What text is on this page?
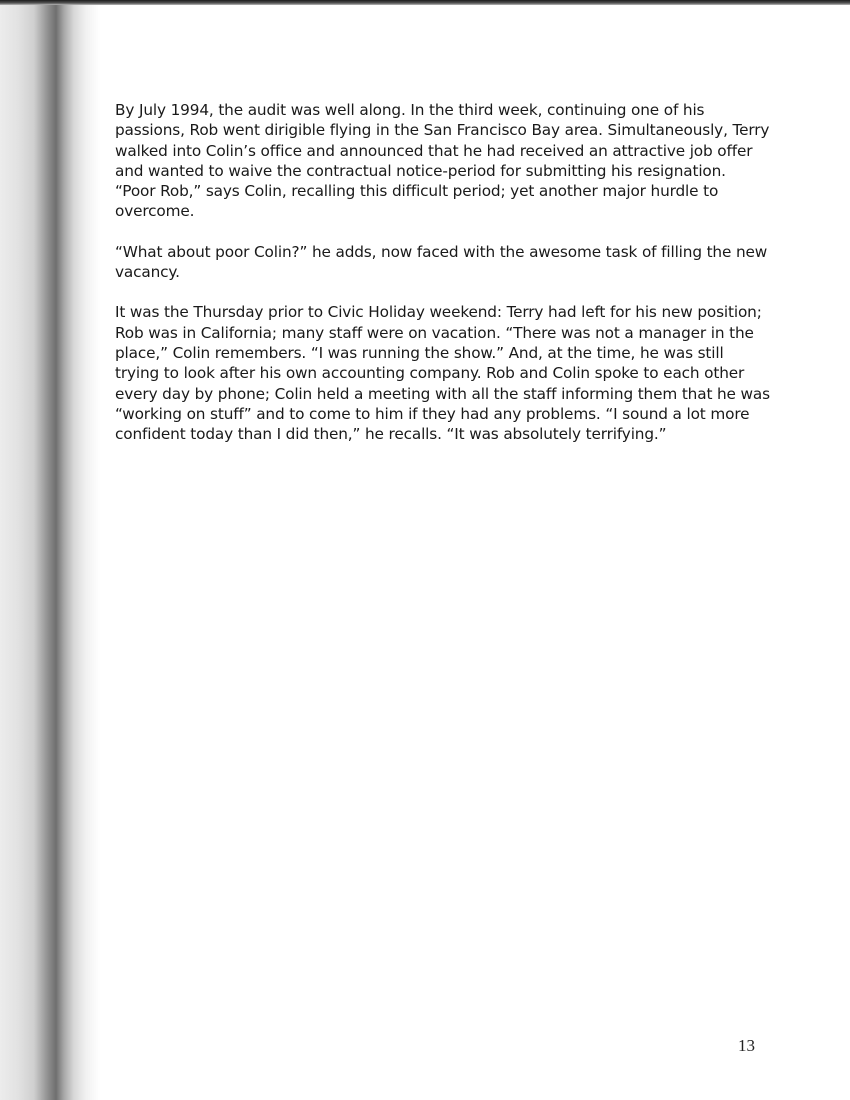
By July 1994, the audit was well along. In the third week, continuing one of his passions, Rob went dirigible flying in the San Francisco Bay area. Simultaneously, Terry walked into Colin’s office and announced that he had received an attractive job offer and wanted to waive the contractual notice-period for submitting his resignation. “Poor Rob,” says Colin, recalling this difficult period; yet another major hurdle to overcome.

“What about poor Colin?” he adds, now faced with the awesome task of filling the new vacancy.

It was the Thursday prior to Civic Holiday weekend: Terry had left for his new position; Rob was in California; many staff were on vacation. “There was not a manager in the place,” Colin remembers. “I was running the show.” And, at the time, he was still trying to look after his own accounting company. Rob and Colin spoke to each other every day by phone; Colin held a meeting with all the staff informing them that he was “working on stuff” and to come to him if they had any problems. “I sound a lot more confident today than I did then,” he recalls. “It was absolutely terrifying.”

13
